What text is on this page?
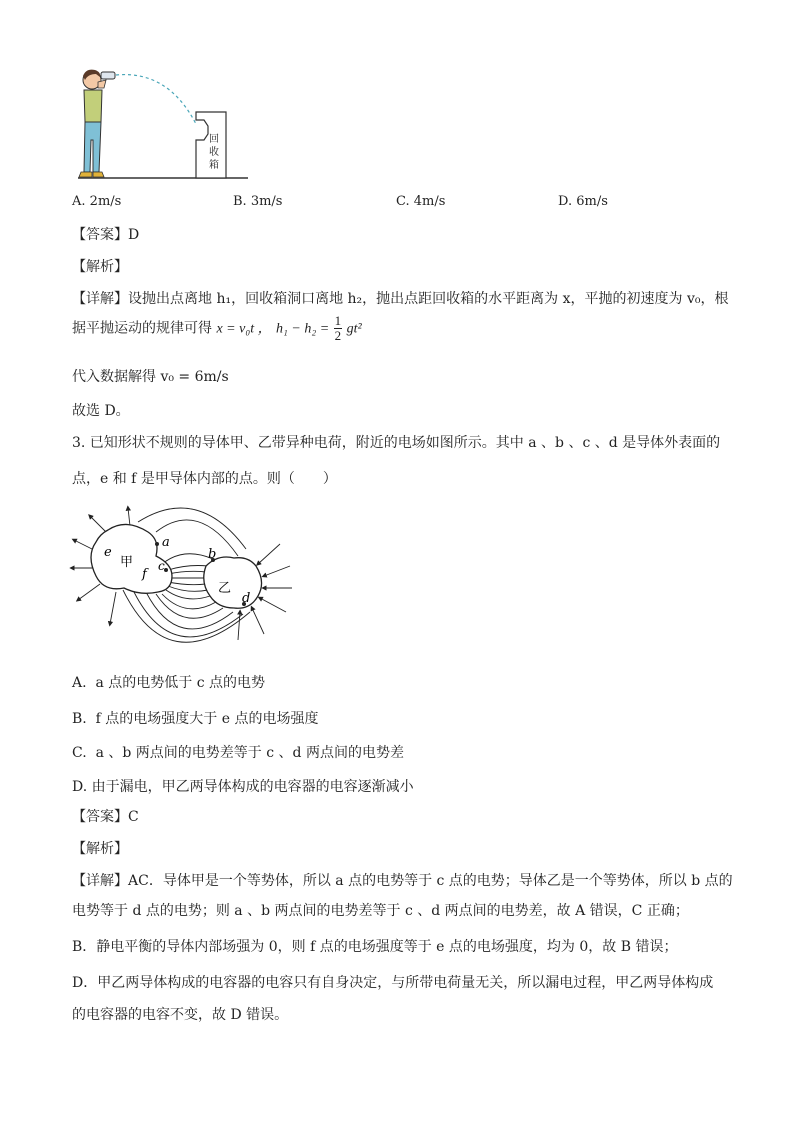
回
收
箱
A. 2m/s	B. 3m/s	C. 4m/s	D. 6m/s
【答案】D
【解析】
【详解】设抛出点离地 h₁，回收箱洞口离地 h₂，抛出点距回收箱的水平距离为 x，平抛的初速度为 v₀，根
据平抛运动的规律可得 x = v₀t ， $h_1 - h_2 = \frac{1}{2} gt^2$
代入数据解得 v₀ = 6m/s
故选 D。
3. 已知形状不规则的导体甲、乙带异种电荷，附近的电场如图所示。其中 a 、b 、c 、d 是导体外表面的
点，e 和 f 是甲导体内部的点。则（　　）
e
甲
a
b
f
c
乙
d
A. a 点的电势低于 c 点的电势
B. f 点的电场强度大于 e 点的电场强度
C. a 、b 两点间的电势差等于 c 、d 两点间的电势差
D. 由于漏电，甲乙两导体构成的电容器的电容逐渐减小
【答案】C
【解析】
【详解】AC．导体甲是一个等势体，所以 a 点的电势等于 c 点的电势；导体乙是一个等势体，所以 b 点的
电势等于 d 点的电势；则 a 、b 两点间的电势差等于 c 、d 两点间的电势差，故 A 错误，C 正确；
B．静电平衡的导体内部场强为 0，则 f 点的电场强度等于 e 点的电场强度，均为 0，故 B 错误；
D．甲乙两导体构成的电容器的电容只有自身决定，与所带电荷量无关，所以漏电过程，甲乙两导体构成
的电容器的电容不变，故 D 错误。
